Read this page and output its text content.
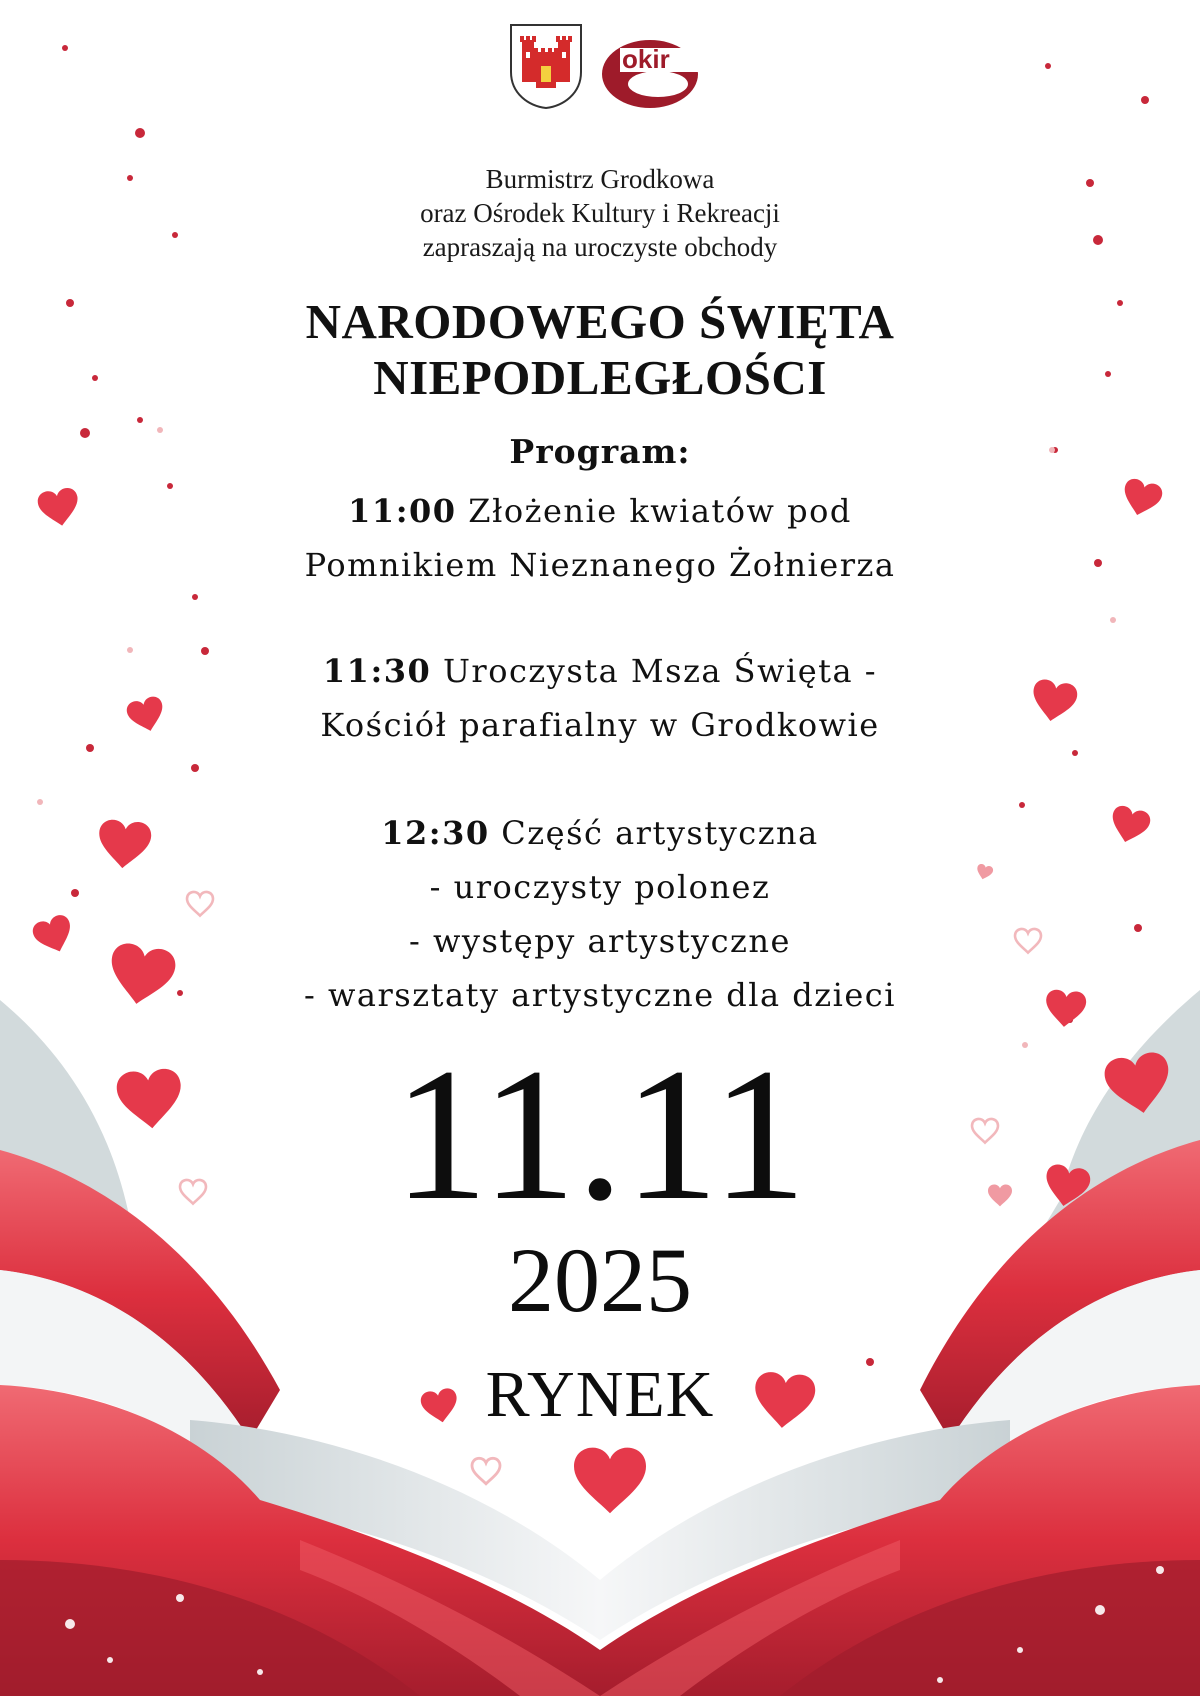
okir
Burmistrz Grodkowa
oraz Ośrodek Kultury i Rekreacji
zapraszają na uroczyste obchody
NARODOWEGO ŚWIĘTA
NIEPODLEGŁOŚCI
Program:
11:00 Złożenie kwiatów pod
Pomnikiem Nieznanego Żołnierza
11:30 Uroczysta Msza Święta -
Kościół parafialny w Grodkowie
12:30 Część artystyczna
- uroczysty polonez
- występy artystyczne
- warsztaty artystyczne dla dzieci
11.11
2025
RYNEK
